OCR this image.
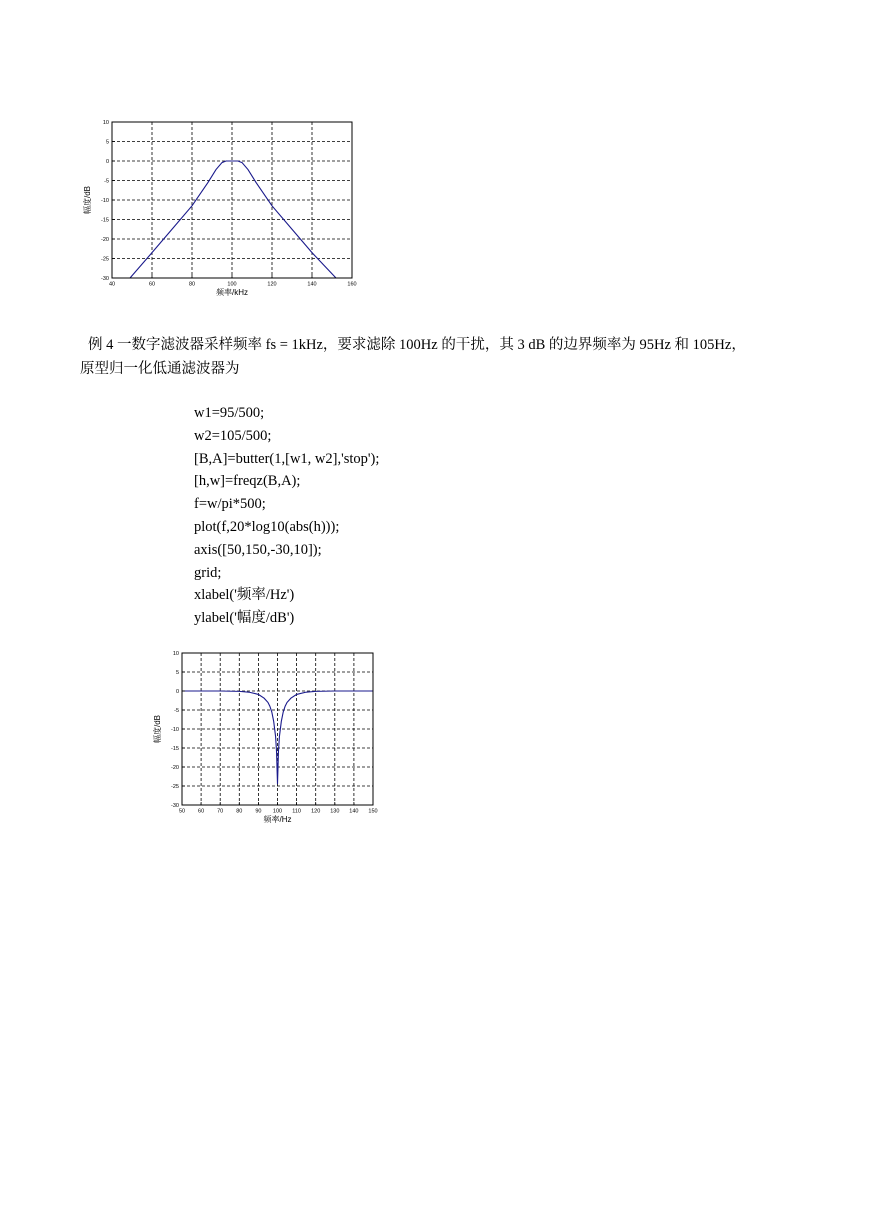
40	60	80	100	120	140	160
10
5
0
-5
-10
-15
-20
-25
-30
频率/kHz
幅度/dB
例 4 一数字滤波器采样频率 fs = 1kHz，要求滤除 100Hz 的干扰，其 3 dB 的边界频率为 95Hz 和 105Hz，
原型归一化低通滤波器为
w1=95/500;
w2=105/500;
[B,A]=butter(1,[w1, w2],'stop');
[h,w]=freqz(B,A);
f=w/pi*500;
plot(f,20*log10(abs(h)));
axis([50,150,-30,10]);
grid;
xlabel('频率/Hz')
ylabel('幅度/dB')
50 60 70 80 90 100 110 120 130 140 150
10
5
0
-5
-10
-15
-20
-25
-30
频率/Hz
幅度/dB
